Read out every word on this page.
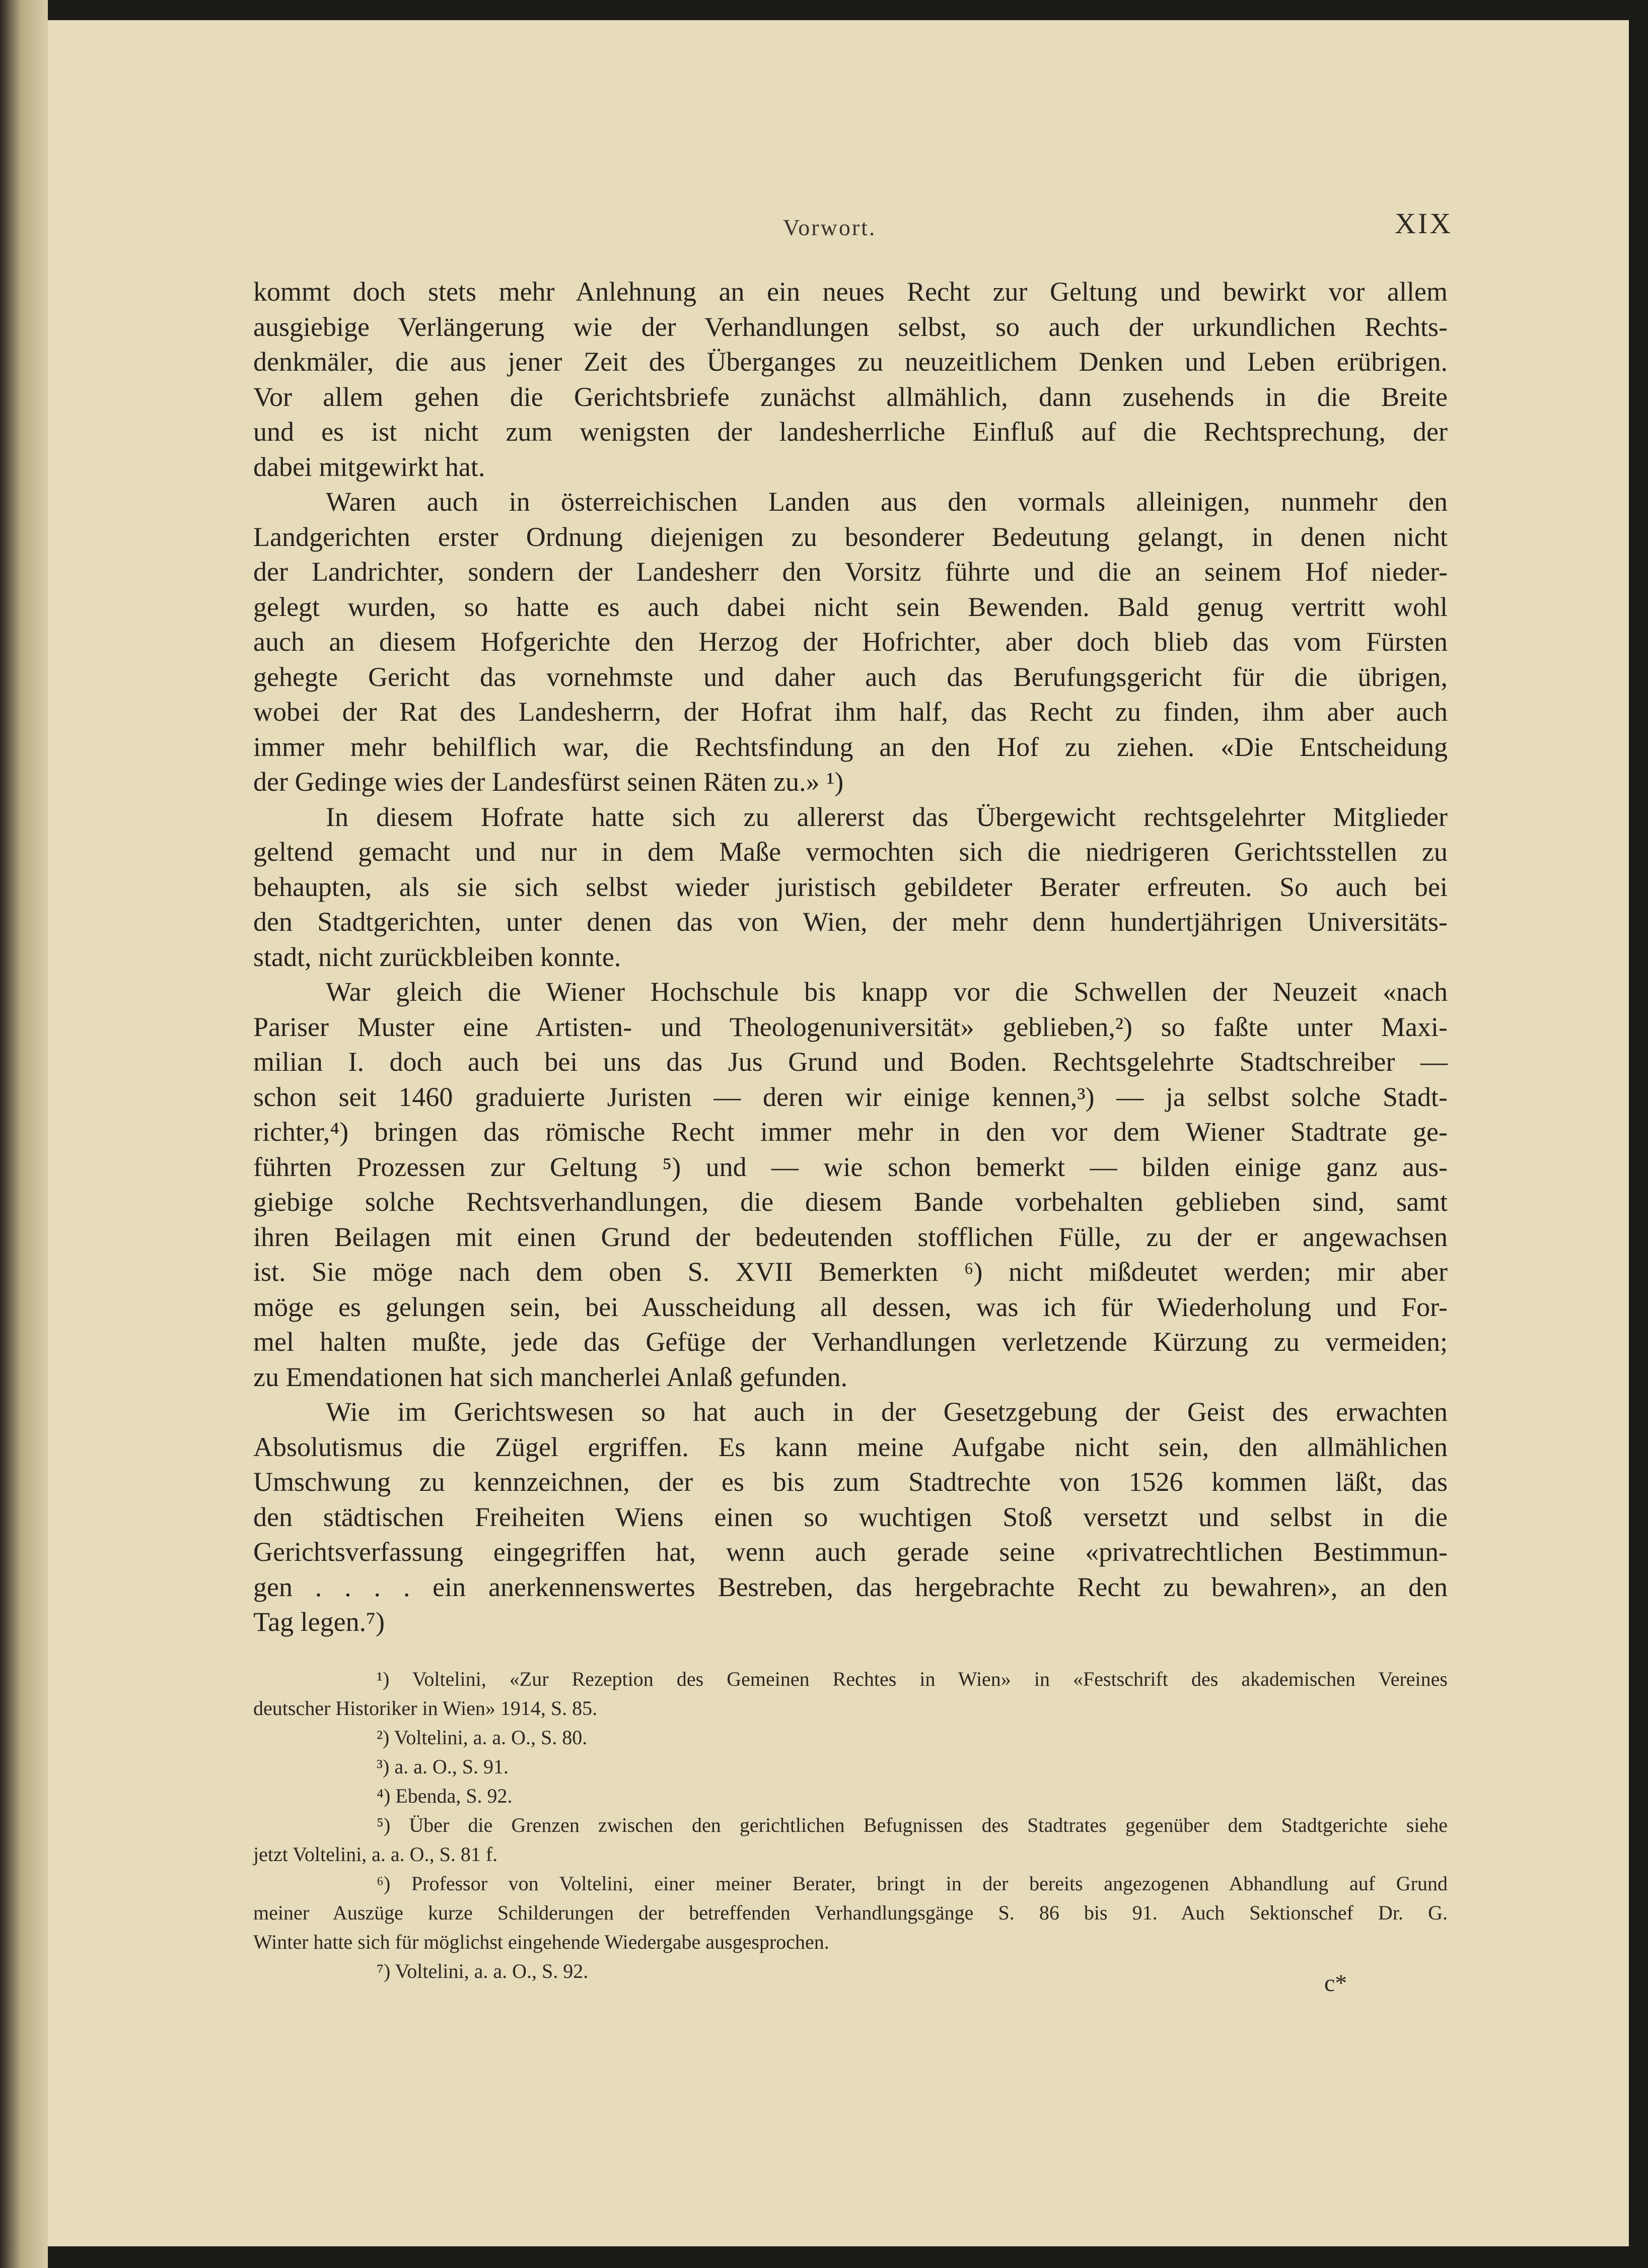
Vorwort.	XIX
kommt doch stets mehr Anlehnung an ein neues Recht zur Geltung und bewirkt vor allem
ausgiebige Verlängerung wie der Verhandlungen selbst, so auch der urkundlichen Rechts-
denkmäler, die aus jener Zeit des Überganges zu neuzeitlichem Denken und Leben erübrigen.
Vor allem gehen die Gerichtsbriefe zunächst allmählich, dann zusehends in die Breite
und es ist nicht zum wenigsten der landesherrliche Einfluß auf die Rechtsprechung, der
dabei mitgewirkt hat.
Waren auch in österreichischen Landen aus den vormals alleinigen, nunmehr den
Landgerichten erster Ordnung diejenigen zu besonderer Bedeutung gelangt, in denen nicht
der Landrichter, sondern der Landesherr den Vorsitz führte und die an seinem Hof nieder-
gelegt wurden, so hatte es auch dabei nicht sein Bewenden. Bald genug vertritt wohl
auch an diesem Hofgerichte den Herzog der Hofrichter, aber doch blieb das vom Fürsten
gehegte Gericht das vornehmste und daher auch das Berufungsgericht für die übrigen,
wobei der Rat des Landesherrn, der Hofrat ihm half, das Recht zu finden, ihm aber auch
immer mehr behilflich war, die Rechtsfindung an den Hof zu ziehen. «Die Entscheidung
der Gedinge wies der Landesfürst seinen Räten zu.» ¹)
In diesem Hofrate hatte sich zu allererst das Übergewicht rechtsgelehrter Mitglieder
geltend gemacht und nur in dem Maße vermochten sich die niedrigeren Gerichtsstellen zu
behaupten, als sie sich selbst wieder juristisch gebildeter Berater erfreuten. So auch bei
den Stadtgerichten, unter denen das von Wien, der mehr denn hundertjährigen Universitäts-
stadt, nicht zurückbleiben konnte.
War gleich die Wiener Hochschule bis knapp vor die Schwellen der Neuzeit «nach
Pariser Muster eine Artisten- und Theologenuniversität» geblieben,²) so faßte unter Maxi-
milian I. doch auch bei uns das Jus Grund und Boden. Rechtsgelehrte Stadtschreiber —
schon seit 1460 graduierte Juristen — deren wir einige kennen,³) — ja selbst solche Stadt-
richter,⁴) bringen das römische Recht immer mehr in den vor dem Wiener Stadtrate ge-
führten Prozessen zur Geltung ⁵) und — wie schon bemerkt — bilden einige ganz aus-
giebige solche Rechtsverhandlungen, die diesem Bande vorbehalten geblieben sind, samt
ihren Beilagen mit einen Grund der bedeutenden stofflichen Fülle, zu der er angewachsen
ist. Sie möge nach dem oben S. XVII Bemerkten ⁶) nicht mißdeutet werden; mir aber
möge es gelungen sein, bei Ausscheidung all dessen, was ich für Wiederholung und For-
mel halten mußte, jede das Gefüge der Verhandlungen verletzende Kürzung zu vermeiden;
zu Emendationen hat sich mancherlei Anlaß gefunden.
Wie im Gerichtswesen so hat auch in der Gesetzgebung der Geist des erwachten
Absolutismus die Zügel ergriffen. Es kann meine Aufgabe nicht sein, den allmählichen
Umschwung zu kennzeichnen, der es bis zum Stadtrechte von 1526 kommen läßt, das
den städtischen Freiheiten Wiens einen so wuchtigen Stoß versetzt und selbst in die
Gerichtsverfassung eingegriffen hat, wenn auch gerade seine «privatrechtlichen Bestimmun-
gen . . . . ein anerkennenswertes Bestreben, das hergebrachte Recht zu bewahren», an den
Tag legen.⁷)
¹) Voltelini, «Zur Rezeption des Gemeinen Rechtes in Wien» in «Festschrift des akademischen Vereines
deutscher Historiker in Wien» 1914, S. 85.
²) Voltelini, a. a. O., S. 80.
³) a. a. O., S. 91.
⁴) Ebenda, S. 92.
⁵) Über die Grenzen zwischen den gerichtlichen Befugnissen des Stadtrates gegenüber dem Stadtgerichte siehe
jetzt Voltelini, a. a. O., S. 81 f.
⁶) Professor von Voltelini, einer meiner Berater, bringt in der bereits angezogenen Abhandlung auf Grund
meiner Auszüge kurze Schilderungen der betreffenden Verhandlungsgänge S. 86 bis 91. Auch Sektionschef Dr. G.
Winter hatte sich für möglichst eingehende Wiedergabe ausgesprochen.
⁷) Voltelini, a. a. O., S. 92.	c*
